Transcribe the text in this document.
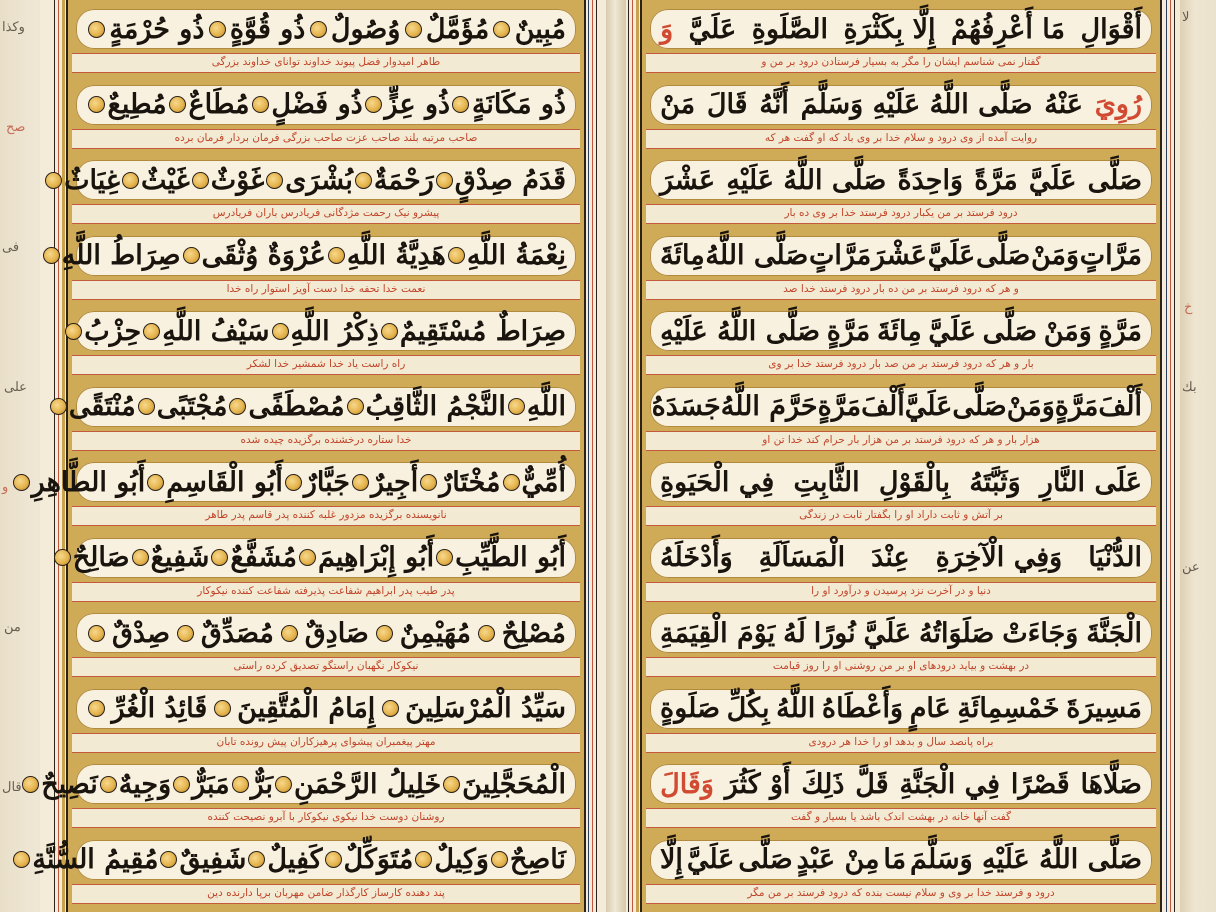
وکذا
صح
فی
علی
و
من
قال
مُبِينٌ
مُؤَمَّلٌ
وُصُولٌ
ذُو قُوَّةٍ
ذُو حُرْمَةٍ
طاهر امیدوار فضل پیوند خداوند توانای خداوند بزرگی
ذُو مَكَانَةٍ
ذُو عِزٍّ
ذُو فَضْلٍ
مُطَاعٌ
مُطِيعٌ
صاحب مرتبه بلند صاحب عزت صاحب بزرگی فرمان بردار فرمان برده
قَدَمُ صِدْقٍ
رَحْمَةٌ
بُشْرَى
غَوْثٌ
غَيْثٌ
غِيَاثٌ
پیشرو نیک رحمت مژدگانی فریادرس باران فریادرس
نِعْمَةُ اللَّهِ
هَدِيَّةُ اللَّهِ
عُرْوَةٌ وُثْقَى
صِرَاطُ اللَّهِ
نعمت خدا تحفه خدا دست آویز استوار راه خدا
صِرَاطٌ مُسْتَقِيمٌ
ذِكْرُ اللَّهِ
سَيْفُ اللَّهِ
حِزْبُ
راه راست یاد خدا شمشیر خدا لشکر
اللَّهِ
النَّجْمُ الثَّاقِبُ
مُصْطَفًى
مُجْتَبًى
مُنْتَقًى
خدا ستاره درخشنده برگزیده چیده شده
أُمِّيٌّ
مُخْتَارٌ
أَجِيرٌ
جَبَّارٌ
أَبُو الْقَاسِمِ
أَبُو الطَّاهِرِ
نانویسنده برگزیده مزدور غلبه کننده پدر قاسم پدر طاهر
أَبُو الطَّيِّبِ
أَبُو إِبْرَاهِيمَ
مُشَفَّعٌ
شَفِيعٌ
صَالِحٌ
پدر طیب پدر ابراهیم شفاعت پذیرفته شفاعت کننده نیکوکار
مُصْلِحٌ
مُهَيْمِنٌ
صَادِقٌ
مُصَدِّقٌ
صِدْقٌ
نیکوکار نگهبان راستگو تصدیق کرده راستی
سَيِّدُ الْمُرْسَلِينَ
إِمَامُ الْمُتَّقِينَ
قَائِدُ الْغُرِّ
مهتر پیغمبران پیشوای پرهیزکاران پیش رونده تابان
الْمُحَجَّلِينَ
خَلِيلُ الرَّحْمَنِ
بَرٌّ
مَبَرٌّ
وَجِيهٌ
نَصِيحٌ
روشنان دوست خدا نیکوی نیکوکار با آبرو نصیحت کننده
نَاصِحٌ
وَكِيلٌ
مُتَوَكِّلٌ
كَفِيلٌ
شَفِيقٌ
مُقِيمُ السُّنَّةِ
پند دهنده کارساز کارگذار ضامن مهربان برپا دارنده دین
أَقْوَالِ
مَا أَعْرِفُهُمْ
إِلَّا بِكَثْرَةِ
الصَّلَوةِ
عَلَيَّ
وَ
گفتار نمی شناسم ایشان را مگر به بسیار فرستادن درود بر من و
رُوِيَ
عَنْهُ
صَلَّى اللَّهُ عَلَيْهِ وَسَلَّمَ
أَنَّهُ
قَالَ
مَنْ
روایت آمده از وی درود و سلام خدا بر وی باد که او گفت هر که
صَلَّى
عَلَيَّ
مَرَّةً
وَاحِدَةً
صَلَّى اللَّهُ عَلَيْهِ
عَشْرَ
درود فرستد بر من یکبار درود فرستد خدا بر وی ده بار
مَرَّاتٍ
وَمَنْ
صَلَّى
عَلَيَّ
عَشْرَ
مَرَّاتٍ
صَلَّى اللَّهُ
مِائَةَ
و هر که درود فرستد بر من ده بار درود فرستد خدا صد
مَرَّةٍ
وَمَنْ
صَلَّى
عَلَيَّ
مِائَةَ
مَرَّةٍ
صَلَّى اللَّهُ عَلَيْهِ
بار و هر که درود فرستد بر من صد بار درود فرستد خدا بر وی
أَلْفَ
مَرَّةٍ
وَمَنْ
صَلَّى
عَلَيَّ
أَلْفَ
مَرَّةٍ
حَرَّمَ اللَّهُ
جَسَدَهُ
هزار بار و هر که درود فرستد بر من هزار بار حرام کند خدا تن او
عَلَى النَّارِ
وَثَبَّتَهُ
بِالْقَوْلِ
الثَّابِتِ
فِي الْحَيَوةِ
بر آتش و ثابت داراد او را بگفتار ثابت در زندگی
الدُّنْيَا
وَفِي الْآخِرَةِ
عِنْدَ
الْمَسَاَلَةِ
وَأَدْخَلَهُ
دنیا و در آخرت نزد پرسیدن و درآورد او را
الْجَنَّةَ
وَجَاءَتْ
صَلَوَاتُهُ
عَلَيَّ
نُورًا
لَهُ
يَوْمَ الْقِيَمَةِ
در بهشت و بیاید درودهای او بر من روشنی او را روز قیامت
مَسِيرَةَ
خَمْسِمِائَةِ
عَامٍ
وَأَعْطَاهُ
اللَّهُ
بِكُلِّ
صَلَوةٍ
براه پانصد سال و بدهد او را خدا هر درودی
صَلَّاهَا
قَصْرًا
فِي الْجَنَّةِ
قَلَّ
ذَلِكَ
أَوْ كَثُرَ
وَقَالَ
گفت آنها خانه در بهشت اندک باشد یا بسیار و گفت
صَلَّى اللَّهُ عَلَيْهِ وَسَلَّمَ
مَا
مِنْ عَبْدٍ
صَلَّى
عَلَيَّ
إِلَّا
درود و فرستد خدا بر وی و سلام نیست بنده که درود فرستد بر من مگر
لا
خ
بك
عن
